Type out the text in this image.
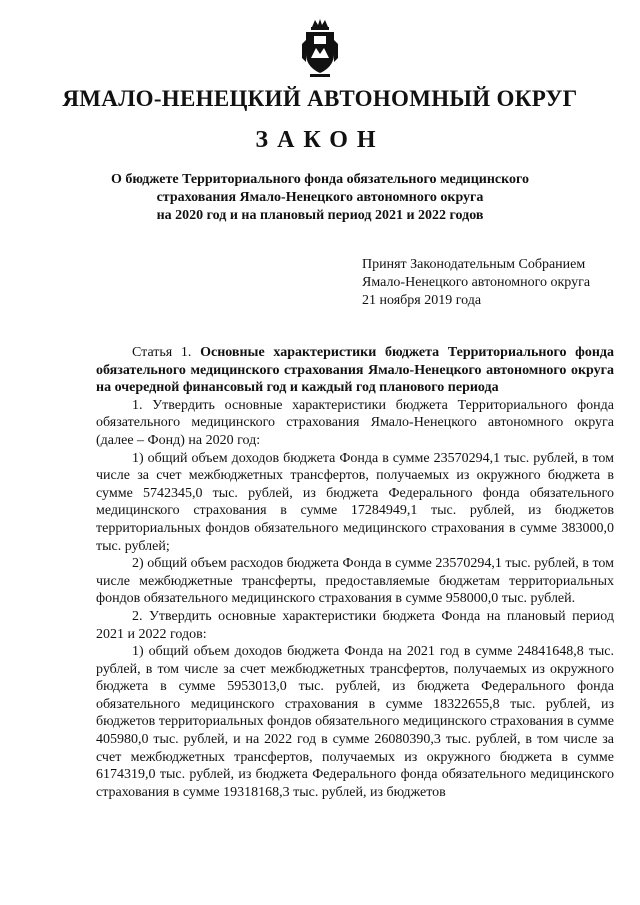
ЯМАЛО-НЕНЕЦКИЙ АВТОНОМНЫЙ ОКРУГ
ЗАКОН
О бюджете Территориального фонда обязательного медицинского
страхования Ямало-Ненецкого автономного округа
на 2020 год и на плановый период 2021 и 2022 годов
Принят Законодательным Собранием
Ямало-Ненецкого автономного округа
21 ноября 2019 года

Статья 1. Основные характеристики бюджета Территориального фонда обязательного медицинского страхования Ямало-Ненецкого автономного округа на очередной финансовый год и каждый год планового периода

1. Утвердить основные характеристики бюджета Территориального фонда обязательного медицинского страхования Ямало-Ненецкого автономного округа (далее – Фонд) на 2020 год:

1) общий объем доходов бюджета Фонда в сумме 23570294,1 тыс. рублей, в том числе за счет межбюджетных трансфертов, получаемых из окружного бюджета в сумме 5742345,0 тыс. рублей, из бюджета Федерального фонда обязательного медицинского страхования в сумме 17284949,1 тыс. рублей, из бюджетов территориальных фондов обязательного медицинского страхования в сумме 383000,0 тыс. рублей;

2) общий объем расходов бюджета Фонда в сумме 23570294,1 тыс. рублей, в том числе межбюджетные трансферты, предоставляемые бюджетам территориальных фондов обязательного медицинского страхования в сумме 958000,0 тыс. рублей.

2. Утвердить основные характеристики бюджета Фонда на плановый период 2021 и 2022 годов:

1) общий объем доходов бюджета Фонда на 2021 год в сумме 24841648,8 тыс. рублей, в том числе за счет межбюджетных трансфертов, получаемых из окружного бюджета в сумме 5953013,0 тыс. рублей, из бюджета Федерального фонда обязательного медицинского страхования в сумме 18322655,8 тыс. рублей, из бюджетов территориальных фондов обязательного медицинского страхования в сумме 405980,0 тыс. рублей, и на 2022 год в сумме 26080390,3 тыс. рублей, в том числе за счет межбюджетных трансфертов, получаемых из окружного бюджета в сумме 6174319,0 тыс. рублей, из бюджета Федерального фонда обязательного медицинского страхования в сумме 19318168,3 тыс. рублей, из бюджетов
